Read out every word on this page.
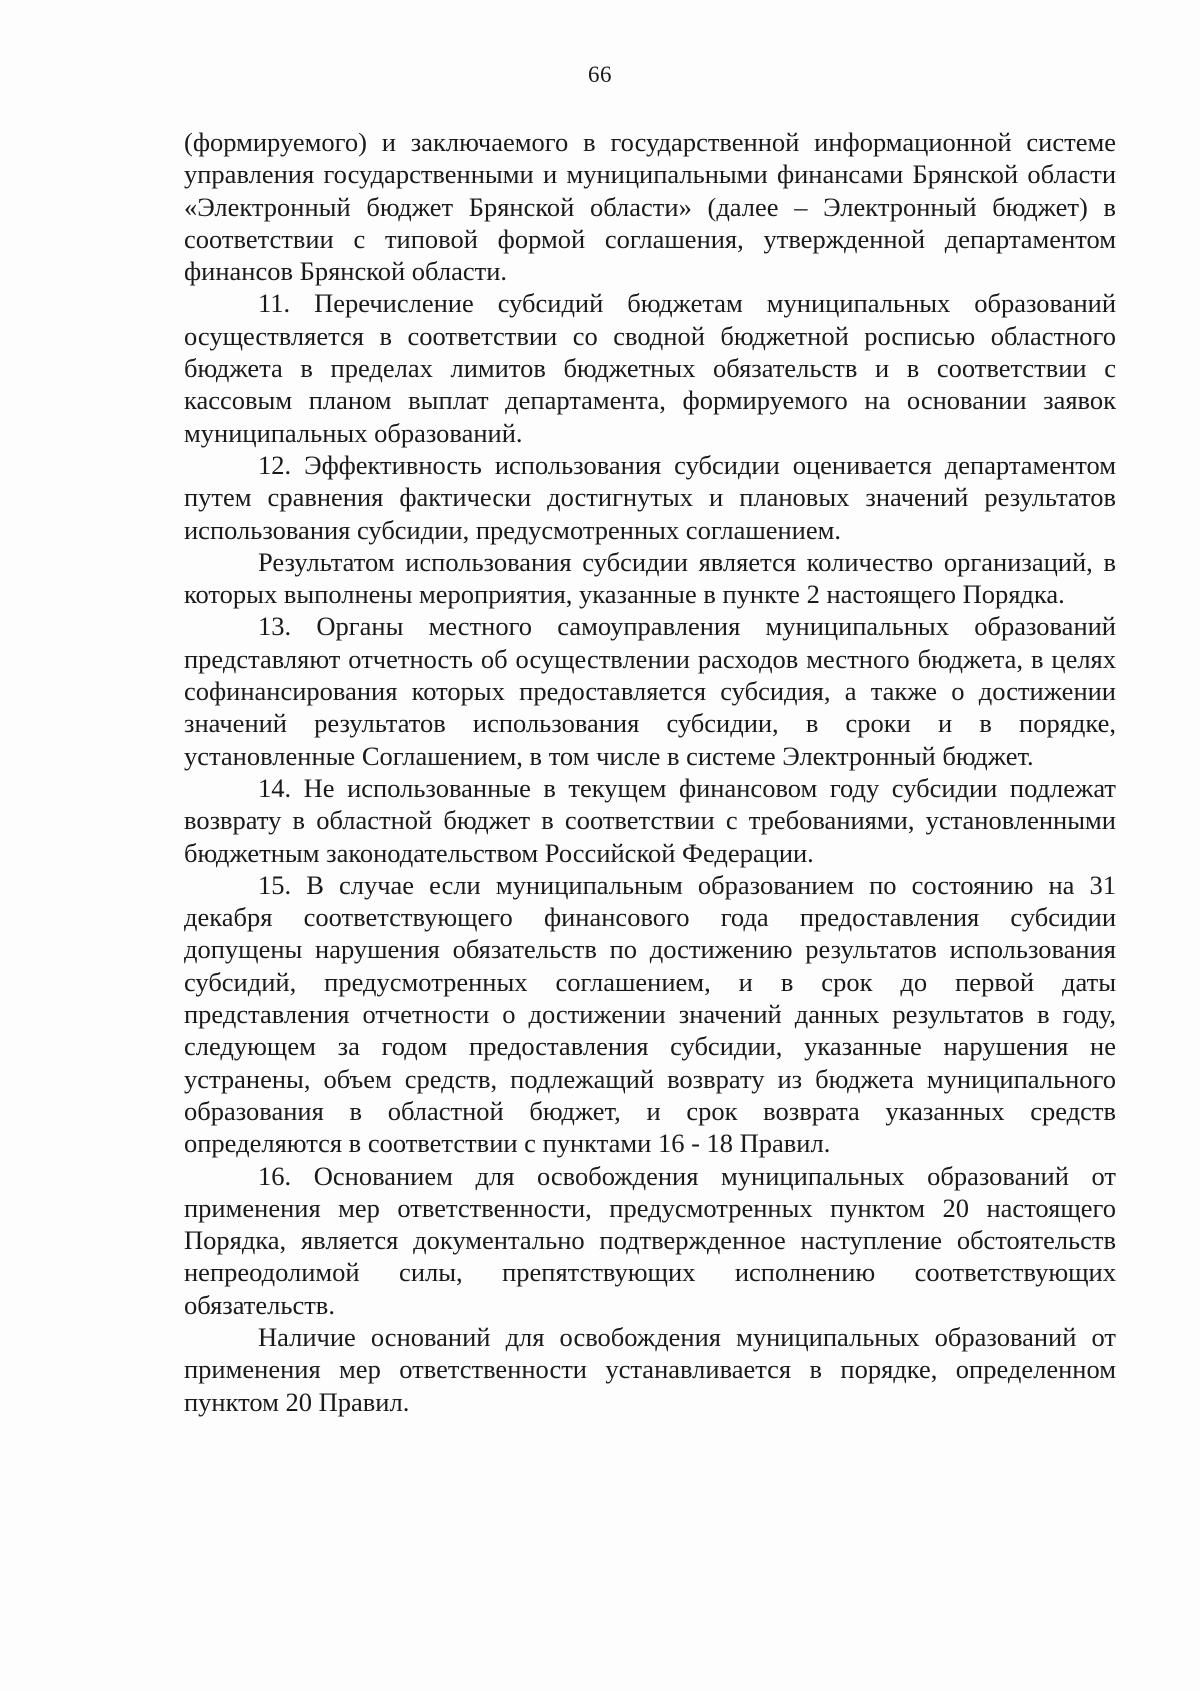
66

(формируемого) и заключаемого в государственной информационной системе управления государственными и муниципальными финансами Брянской области «Электронный бюджет Брянской области» (далее – Электронный бюджет) в соответствии с типовой формой соглашения, утвержденной департаментом финансов Брянской области.

11. Перечисление субсидий бюджетам муниципальных образований осуществляется в соответствии со сводной бюджетной росписью областного бюджета в пределах лимитов бюджетных обязательств и в соответствии с кассовым планом выплат департамента, формируемого на основании заявок муниципальных образований.

12. Эффективность использования субсидии оценивается департаментом путем сравнения фактически достигнутых и плановых значений результатов использования субсидии, предусмотренных соглашением.

Результатом использования субсидии является количество организаций, в которых выполнены мероприятия, указанные в пункте 2 настоящего Порядка.

13. Органы местного самоуправления муниципальных образований представляют отчетность об осуществлении расходов местного бюджета, в целях софинансирования которых предоставляется субсидия, а также о достижении значений результатов использования субсидии, в сроки и в порядке, установленные Соглашением, в том числе в системе Электронный бюджет.

14. Не использованные в текущем финансовом году субсидии подлежат возврату в областной бюджет в соответствии с требованиями, установленными бюджетным законодательством Российской Федерации.

15. В случае если муниципальным образованием по состоянию на 31 декабря соответствующего финансового года предоставления субсидии допущены нарушения обязательств по достижению результатов использования субсидий, предусмотренных соглашением, и в срок до первой даты представления отчетности о достижении значений данных результатов в году, следующем за годом предоставления субсидии, указанные нарушения не устранены, объем средств, подлежащий возврату из бюджета муниципального образования в областной бюджет, и срок возврата указанных средств определяются в соответствии с пунктами 16 - 18 Правил.

16. Основанием для освобождения муниципальных образований от применения мер ответственности, предусмотренных пунктом 20 настоящего Порядка, является документально подтвержденное наступление обстоятельств непреодолимой силы, препятствующих исполнению соответствующих обязательств.

Наличие оснований для освобождения муниципальных образований от применения мер ответственности устанавливается в порядке, определенном пунктом 20 Правил.
